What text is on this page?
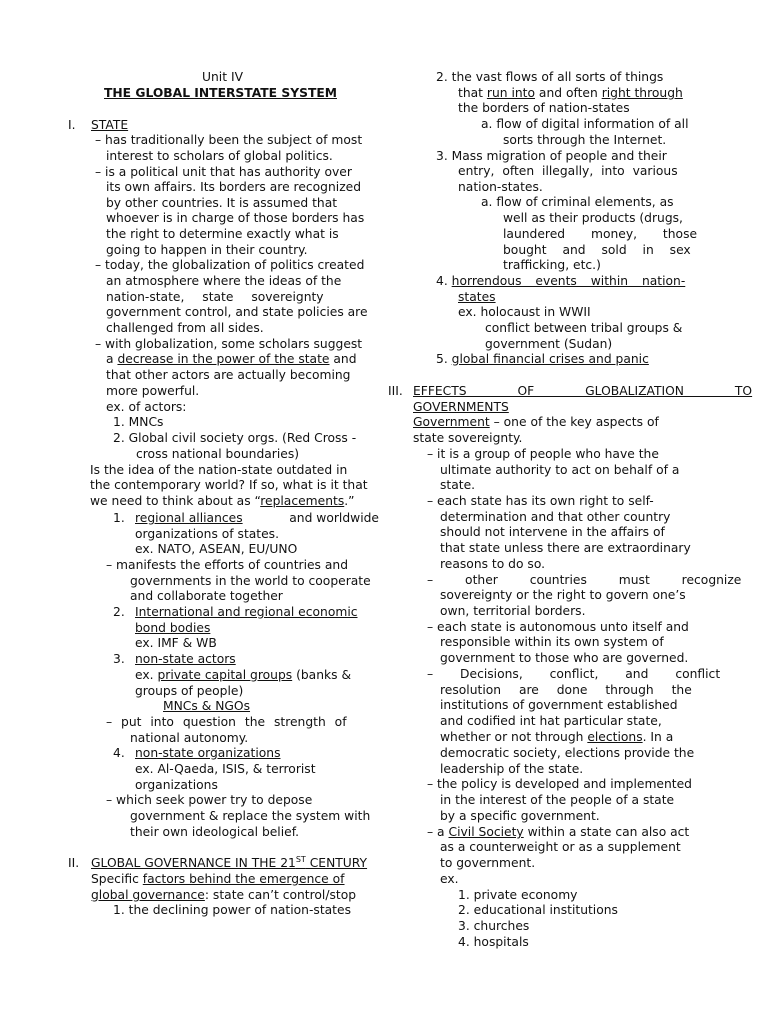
Unit IV
THE GLOBAL INTERSTATE SYSTEM
I. STATE
– has traditionally been the subject of most
interest to scholars of global politics.
– is a political unit that has authority over
its own affairs. Its borders are recognized
by other countries. It is assumed that
whoever is in charge of those borders has
the right to determine exactly what is
going to happen in their country.
– today, the globalization of politics created
an atmosphere where the ideas of the
nation-state, state sovereignty
government control, and state policies are
challenged from all sides.
– with globalization, some scholars suggest
a decrease in the power of the state and
that other actors are actually becoming
more powerful.
ex. of actors:
1. MNCs
2. Global civil society orgs. (Red Cross -
cross national boundaries)
Is the idea of the nation-state outdated in
the contemporary world? If so, what is it that
we need to think about as “replacements.”
1. regional alliances	and worldwide
organizations of states.
ex. NATO, ASEAN, EU/UNO
– manifests the efforts of countries and
governments in the world to cooperate
and collaborate together
2. International and regional economic
bond bodies
ex. IMF & WB
3. non-state actors
ex. private capital groups (banks &
groups of people)
MNCs & NGOs
– put into question the strength of
national autonomy.
4. non-state organizations
ex. Al-Qaeda, ISIS, & terrorist
organizations
– which seek power try to depose
government & replace the system with
their own ideological belief.
II. GLOBAL GOVERNANCE IN THE 21ST CENTURY
Specific factors behind the emergence of
global governance: state can’t control/stop
1. the declining power of nation-states
2. the vast flows of all sorts of things
that run into and often right through
the borders of nation-states
a. flow of digital information of all
sorts through the Internet.
3. Mass migration of people and their
entry, often illegally, into various
nation-states.
a. flow of criminal elements, as
well as their products (drugs,
laundered money, those
bought and sold in sex
trafficking, etc.)
4. horrendous events within nation-
states
ex. holocaust in WWII
conflict between tribal groups &
government (Sudan)
5. global financial crises and panic
III. EFFECTS OF GLOBALIZATION TO
GOVERNMENTS
Government – one of the key aspects of
state sovereignty.
– it is a group of people who have the
ultimate authority to act on behalf of a
state.
– each state has its own right to self-
determination and that other country
should not intervene in the affairs of
that state unless there are extraordinary
reasons to do so.
– other countries must recognize
sovereignty or the right to govern one’s
own, territorial borders.
– each state is autonomous unto itself and
responsible within its own system of
government to those who are governed.
– Decisions, conflict, and conflict
resolution are done through the
institutions of government established
and codified int hat particular state,
whether or not through elections. In a
democratic society, elections provide the
leadership of the state.
– the policy is developed and implemented
in the interest of the people of a state
by a specific government.
– a Civil Society within a state can also act
as a counterweight or as a supplement
to government.
ex.
1. private economy
2. educational institutions
3. churches
4. hospitals
